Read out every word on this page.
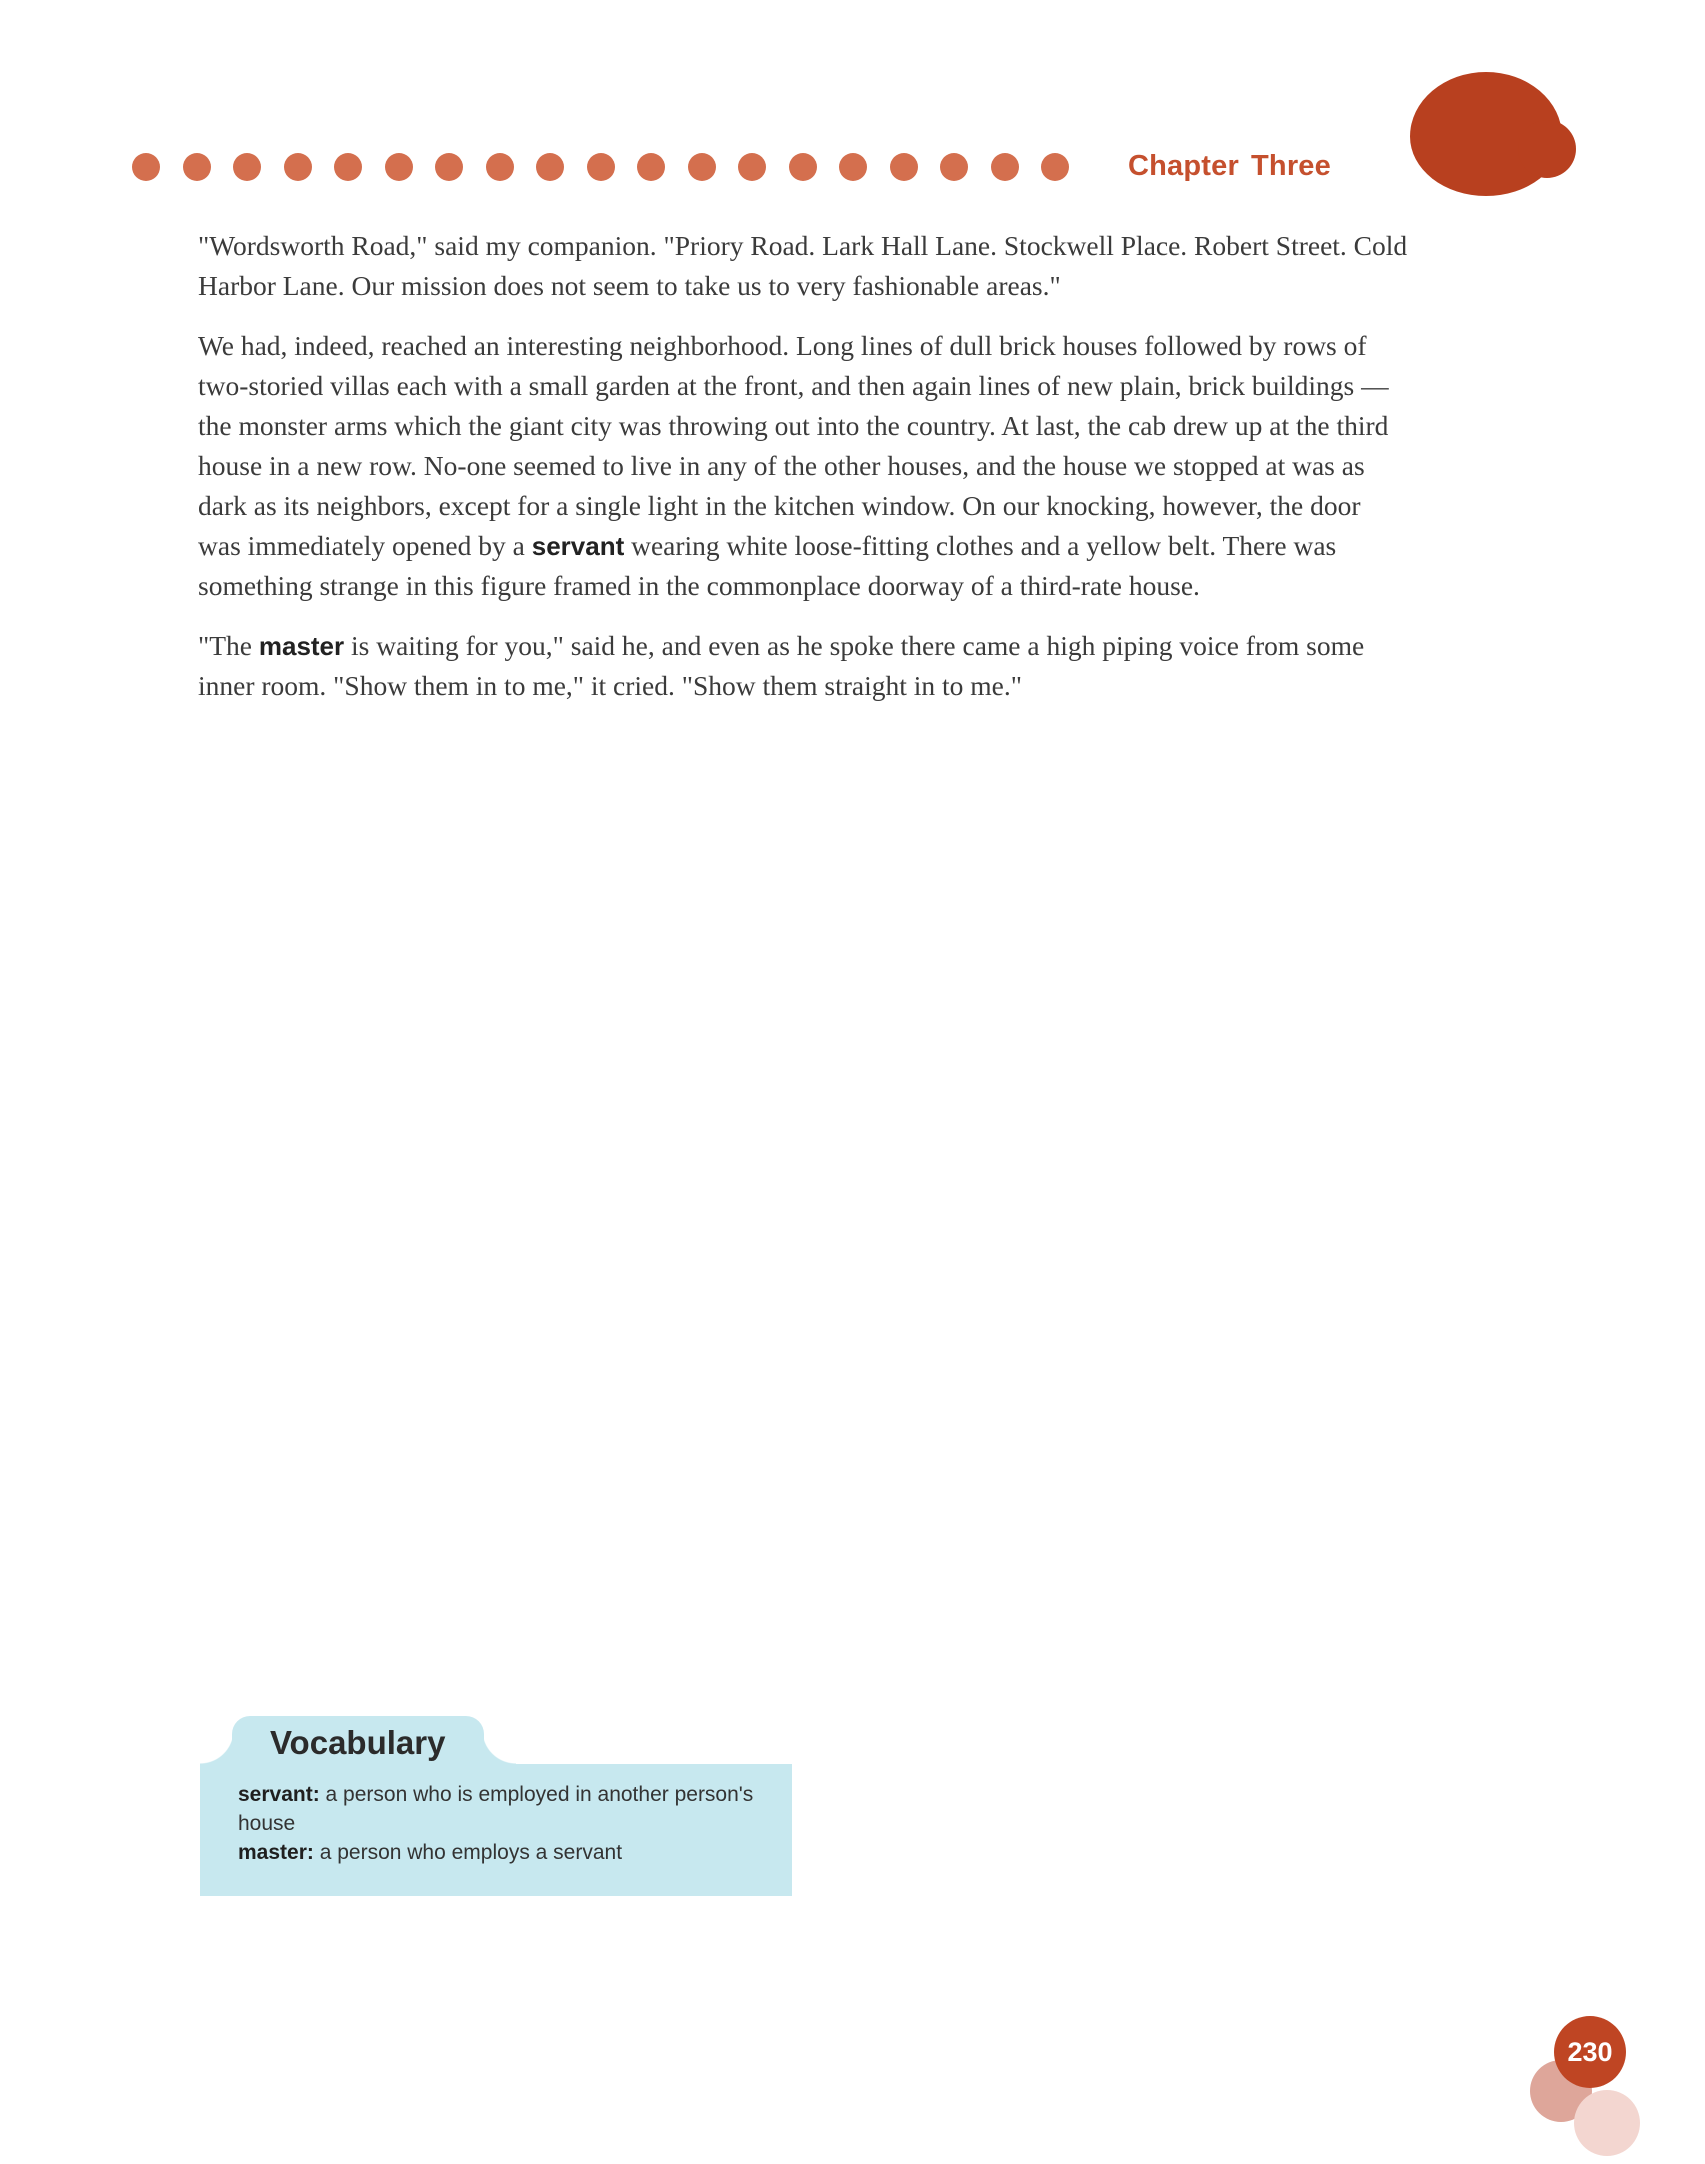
Chapter Three

"Wordsworth Road," said my companion. "Priory Road. Lark Hall Lane. Stockwell Place. Robert Street. Cold Harbor Lane. Our mission does not seem to take us to very fashionable areas."

We had, indeed, reached an interesting neighborhood. Long lines of dull brick houses followed by rows of two-storied villas each with a small garden at the front, and then again lines of new plain, brick buildings — the monster arms which the giant city was throwing out into the country. At last, the cab drew up at the third house in a new row. No-one seemed to live in any of the other houses, and the house we stopped at was as dark as its neighbors, except for a single light in the kitchen window. On our knocking, however, the door was immediately opened by a servant wearing white loose-fitting clothes and a yellow belt. There was something strange in this figure framed in the commonplace doorway of a third-rate house.

"The master is waiting for you," said he, and even as he spoke there came a high piping voice from some inner room. "Show them in to me," it cried. "Show them straight in to me."

Vocabulary

servant: a person who is employed in another person's house

master: a person who employs a servant

230
